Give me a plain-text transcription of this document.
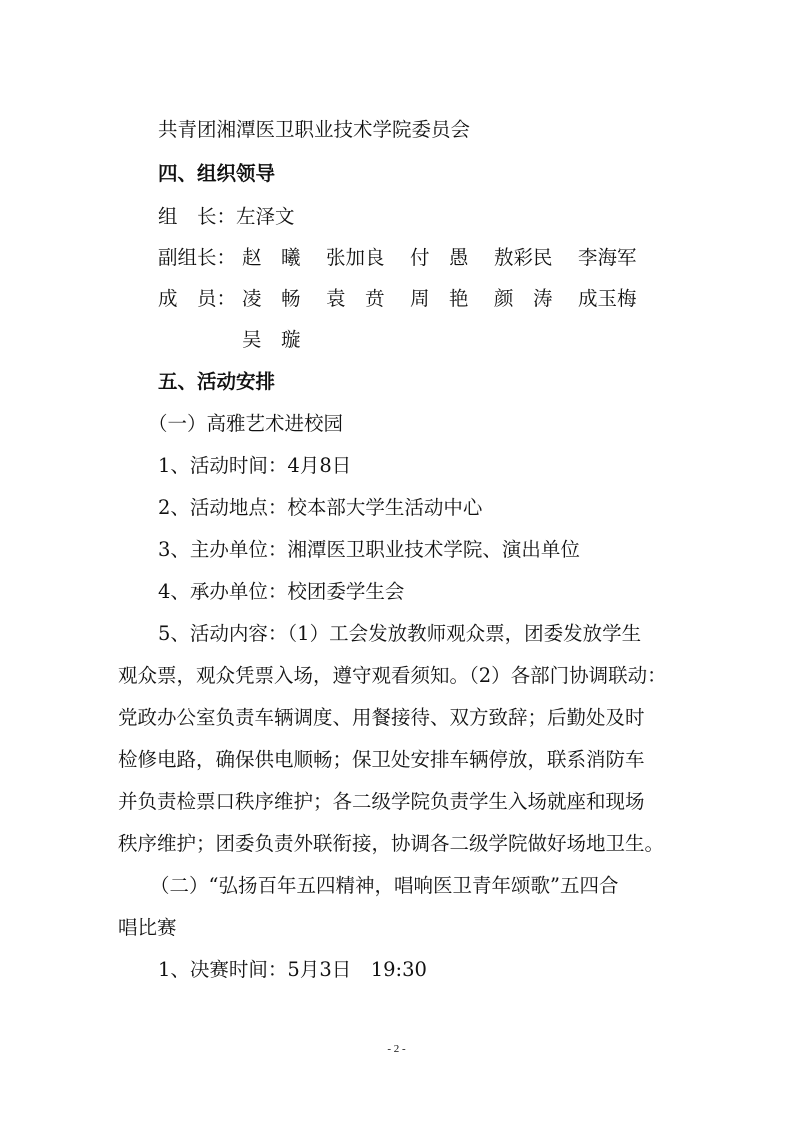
共青团湘潭医卫职业技术学院委员会
四、组织领导
组　长：左泽文
副组长： 赵　曦 张加良 付　愚 敖彩民 李海军
成　员： 凌　畅 袁　贲 周　艳 颜　涛 成玉梅
吴　璇
五、活动安排
（一）高雅艺术进校园
1、活动时间：4月8日
2、活动地点：校本部大学生活动中心
3、主办单位：湘潭医卫职业技术学院、演出单位
4、承办单位：校团委学生会
5、活动内容：（1）工会发放教师观众票，团委发放学生
观众票，观众凭票入场，遵守观看须知。（2）各部门协调联动：
党政办公室负责车辆调度、用餐接待、双方致辞；后勤处及时
检修电路，确保供电顺畅；保卫处安排车辆停放，联系消防车
并负责检票口秩序维护；各二级学院负责学生入场就座和现场
秩序维护；团委负责外联衔接，协调各二级学院做好场地卫生。
（二）“弘扬百年五四精神，唱响医卫青年颂歌”五四合
唱比赛
1、决赛时间：5月3日　19:30
- 2 -
